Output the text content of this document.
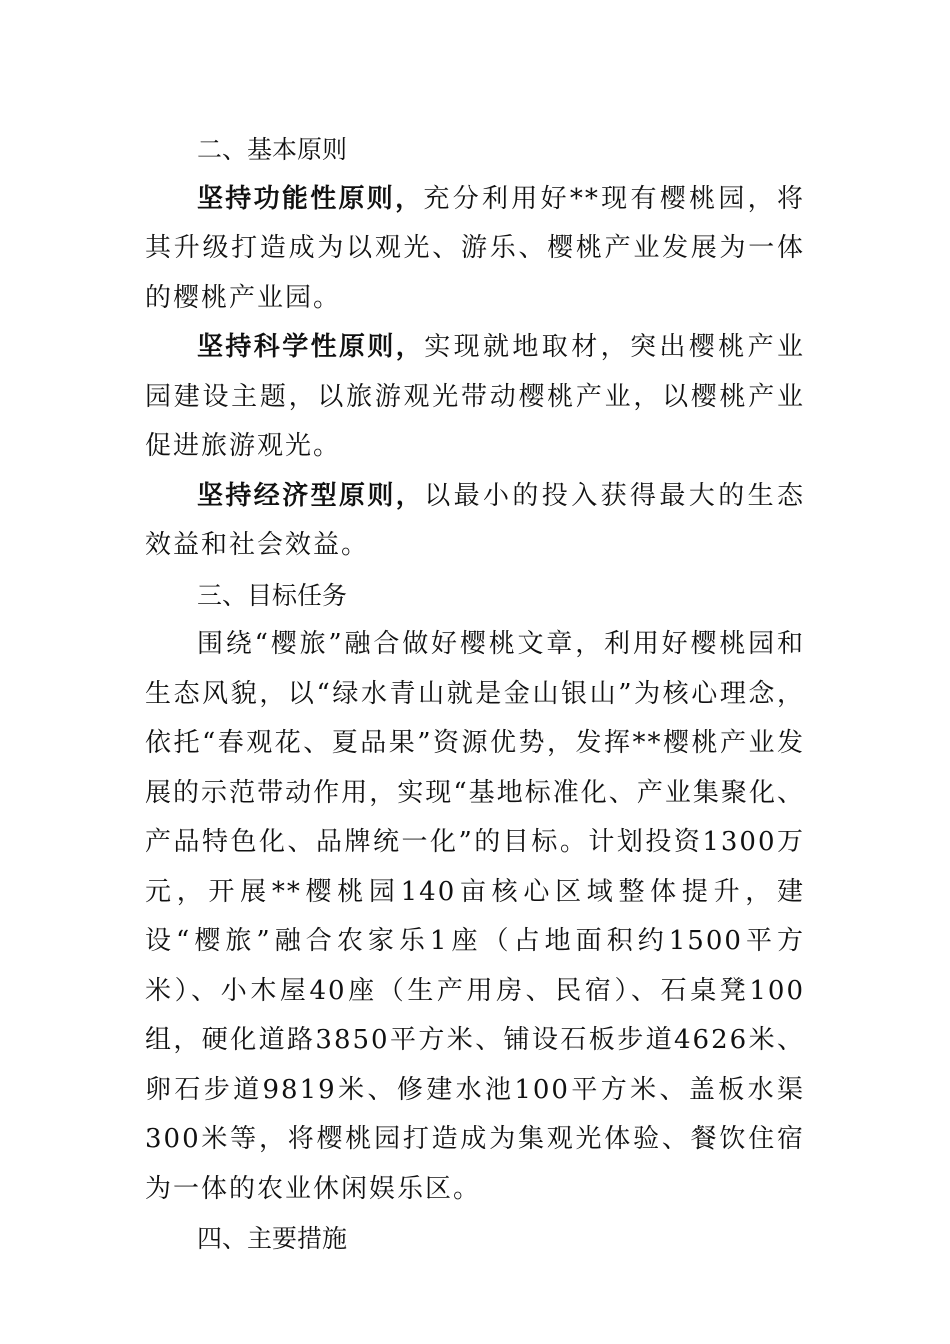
二、基本原则

坚持功能性原则，充分利用好**现有樱桃园，将其升级打造成为以观光、游乐、樱桃产业发展为一体的樱桃产业园。

坚持科学性原则，实现就地取材，突出樱桃产业园建设主题，以旅游观光带动樱桃产业，以樱桃产业促进旅游观光。

坚持经济型原则，以最小的投入获得最大的生态效益和社会效益。

三、目标任务

围绕“樱旅”融合做好樱桃文章，利用好樱桃园和生态风貌，以“绿水青山就是金山银山”为核心理念，依托“春观花、夏品果”资源优势，发挥**樱桃产业发展的示范带动作用，实现“基地标准化、产业集聚化、产品特色化、品牌统一化”的目标。计划投资1300万元，开展**樱桃园140亩核心区域整体提升，建设“樱旅”融合农家乐1座（占地面积约1500平方米）、小木屋40座（生产用房、民宿）、石桌凳100组，硬化道路3850平方米、铺设石板步道4626米、卵石步道9819米、修建水池100平方米、盖板水渠300米等，将樱桃园打造成为集观光体验、餐饮住宿为一体的农业休闲娱乐区。

四、主要措施
